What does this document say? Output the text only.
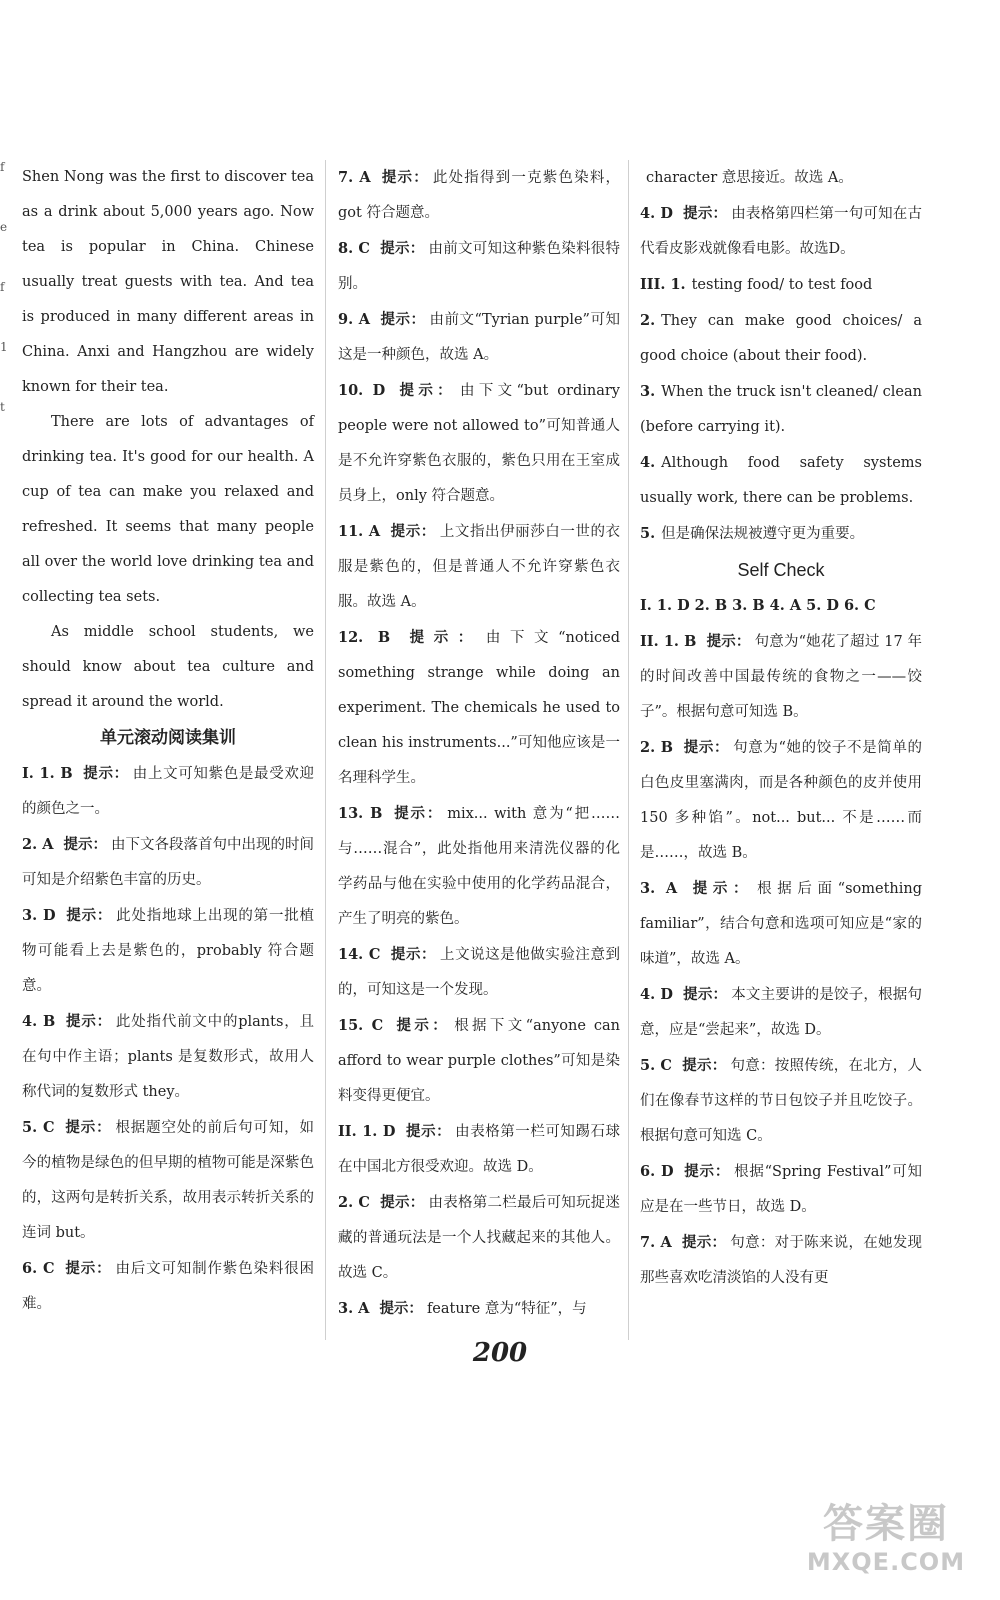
f
e
f
1
t

Shen Nong was the first to discover tea as a drink about 5,000 years ago. Now tea is popular in China. Chinese usually treat guests with tea. And tea is produced in many different areas in China. Anxi and Hangzhou are widely known for their tea.

There are lots of advantages of drinking tea. It's good for our health. A cup of tea can make you relaxed and refreshed. It seems that many people all over the world love drinking tea and collecting tea sets.

As middle school students, we should know about tea culture and spread it around the world.

单元滚动阅读集训

I. 1. B 提示： 由上文可知紫色是最受欢迎的颜色之一。

2. A 提示： 由下文各段落首句中出现的时间可知是介绍紫色丰富的历史。

3. D 提示： 此处指地球上出现的第一批植物可能看上去是紫色的，probably 符合题意。

4. B 提示： 此处指代前文中的plants，且在句中作主语；plants 是复数形式，故用人称代词的复数形式 they。

5. C 提示： 根据题空处的前后句可知，如今的植物是绿色的但早期的植物可能是深紫色的，这两句是转折关系，故用表示转折关系的连词 but。

6. C 提示： 由后文可知制作紫色染料很困难。

7. A 提示： 此处指得到一克紫色染料，got 符合题意。

8. C 提示： 由前文可知这种紫色染料很特别。

9. A 提示： 由前文“Tyrian purple”可知这是一种颜色，故选 A。

10. D 提示： 由下文“but ordinary people were not allowed to”可知普通人是不允许穿紫色衣服的，紫色只用在王室成员身上，only 符合题意。

11. A 提示： 上文指出伊丽莎白一世的衣服是紫色的，但是普通人不允许穿紫色衣服。故选 A。

12. B 提示： 由下文“noticed something strange while doing an experiment. The chemicals he used to clean his instruments...”可知他应该是一名理科学生。

13. B 提示： mix... with 意为“把……与……混合”，此处指他用来清洗仪器的化学药品与他在实验中使用的化学药品混合，产生了明亮的紫色。

14. C 提示： 上文说这是他做实验注意到的，可知这是一个发现。

15. C 提示： 根据下文“anyone can afford to wear purple clothes”可知是染料变得更便宜。

II. 1. D 提示： 由表格第一栏可知踢石球在中国北方很受欢迎。故选 D。

2. C 提示： 由表格第二栏最后可知玩捉迷藏的普通玩法是一个人找藏起来的其他人。故选 C。

3. A 提示： feature 意为“特征”，与

character 意思接近。故选 A。

4. D 提示： 由表格第四栏第一句可知在古代看皮影戏就像看电影。故选D。

III. 1. testing food/ to test food

2. They can make good choices/ a good choice (about their food).

3. When the truck isn't cleaned/ clean (before carrying it).

4. Although food safety systems usually work, there can be problems.

5. 但是确保法规被遵守更为重要。

Self Check

I. 1. D 2. B 3. B 4. A 5. D 6. C

II. 1. B 提示： 句意为“她花了超过 17 年的时间改善中国最传统的食物之一——饺子”。根据句意可知选 B。

2. B 提示： 句意为“她的饺子不是简单的白色皮里塞满肉，而是各种颜色的皮并使用 150 多种馅”。not... but... 不是……而是……，故选 B。

3. A 提示： 根据后面“something familiar”，结合句意和选项可知应是“家的味道”，故选 A。

4. D 提示： 本文主要讲的是饺子，根据句意，应是“尝起来”，故选 D。

5. C 提示： 句意：按照传统，在北方，人们在像春节这样的节日包饺子并且吃饺子。根据句意可知选 C。

6. D 提示： 根据“Spring Festival”可知应是在一些节日，故选 D。

7. A 提示： 句意：对于陈来说，在她发现那些喜欢吃清淡馅的人没有更

200
答案圈
MXQE.COM
